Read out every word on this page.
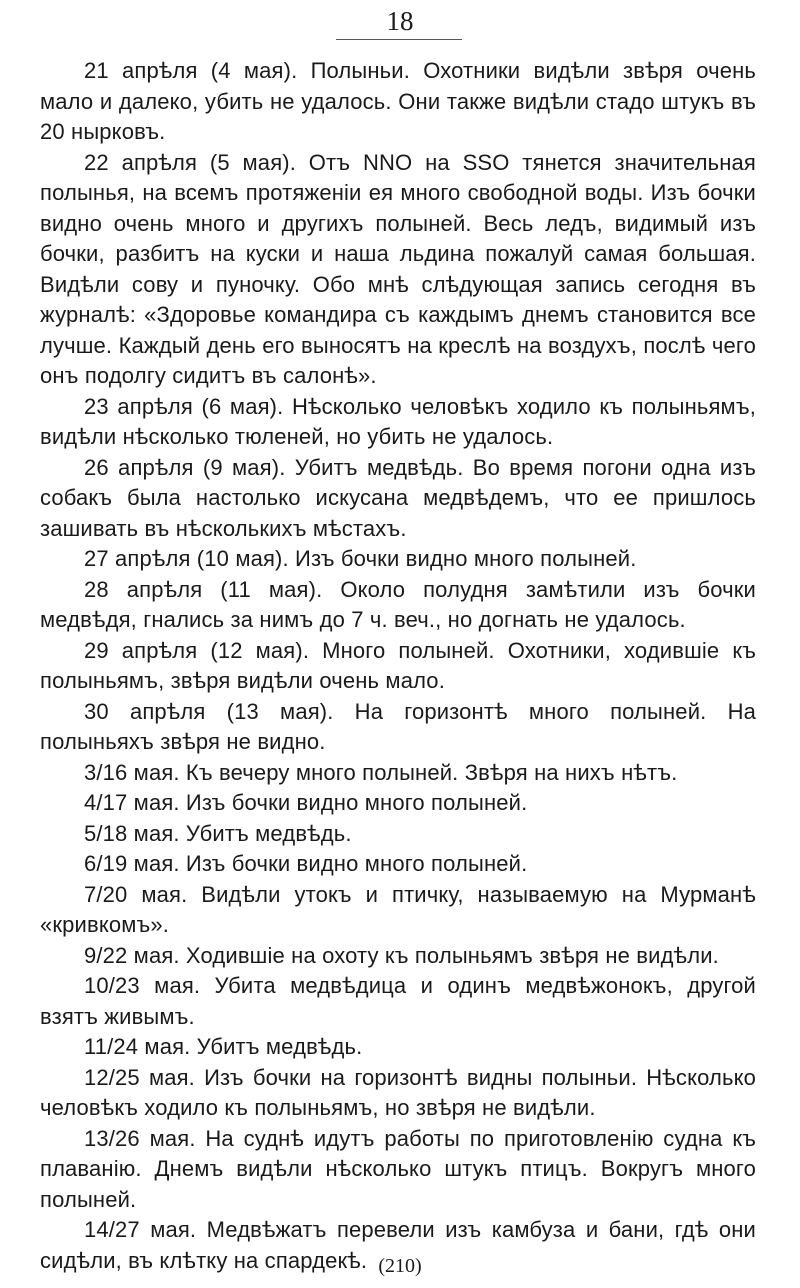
18

21 апрѣля (4 мая). Полыньи. Охотники видѣли звѣря очень мало и далеко, убить не удалось. Они также видѣли стадо штукъ въ 20 нырковъ.

22 апрѣля (5 мая). Отъ NNO на SSO тянется значительная полынья, на всемъ протяженіи ея много свободной воды. Изъ бочки видно очень много и другихъ полыней. Весь ледъ, видимый изъ бочки, разбитъ на куски и наша льдина пожалуй самая большая. Видѣли сову и пуночку. Обо мнѣ слѣдующая запись сегодня въ журналѣ: «Здоровье командира съ каждымъ днемъ становится все лучше. Каждый день его выносятъ на креслѣ на воздухъ, послѣ чего онъ подолгу сидитъ въ салонѣ».

23 апрѣля (6 мая). Нѣсколько человѣкъ ходило къ полыньямъ, видѣли нѣсколько тюленей, но убить не удалось.

26 апрѣля (9 мая). Убитъ медвѣдь. Во время погони одна изъ собакъ была настолько искусана медвѣдемъ, что ее пришлось зашивать въ нѣсколькихъ мѣстахъ.

27 апрѣля (10 мая). Изъ бочки видно много полыней.

28 апрѣля (11 мая). Около полудня замѣтили изъ бочки медвѣдя, гнались за нимъ до 7 ч. веч., но догнать не удалось.

29 апрѣля (12 мая). Много полыней. Охотники, ходившіе къ полыньямъ, звѣря видѣли очень мало.

30 апрѣля (13 мая). На горизонтѣ много полыней. На полыньяхъ звѣря не видно.

3/16 мая. Къ вечеру много полыней. Звѣря на нихъ нѣтъ.

4/17 мая. Изъ бочки видно много полыней.

5/18 мая. Убитъ медвѣдь.

6/19 мая. Изъ бочки видно много полыней.

7/20 мая. Видѣли утокъ и птичку, называемую на Мурманѣ «кривкомъ».

9/22 мая. Ходившіе на охоту къ полыньямъ звѣря не видѣли.

10/23 мая. Убита медвѣдица и одинъ медвѣжонокъ, другой взятъ живымъ.

11/24 мая. Убитъ медвѣдь.

12/25 мая. Изъ бочки на горизонтѣ видны полыньи. Нѣсколько человѣкъ ходило къ полыньямъ, но звѣря не видѣли.

13/26 мая. На суднѣ идутъ работы по приготовленію судна къ плаванію. Днемъ видѣли нѣсколько штукъ птицъ. Вокругъ много полыней.

14/27 мая. Медвѣжатъ перевели изъ камбуза и бани, гдѣ они сидѣли, въ клѣтку на спардекѣ. (210)
